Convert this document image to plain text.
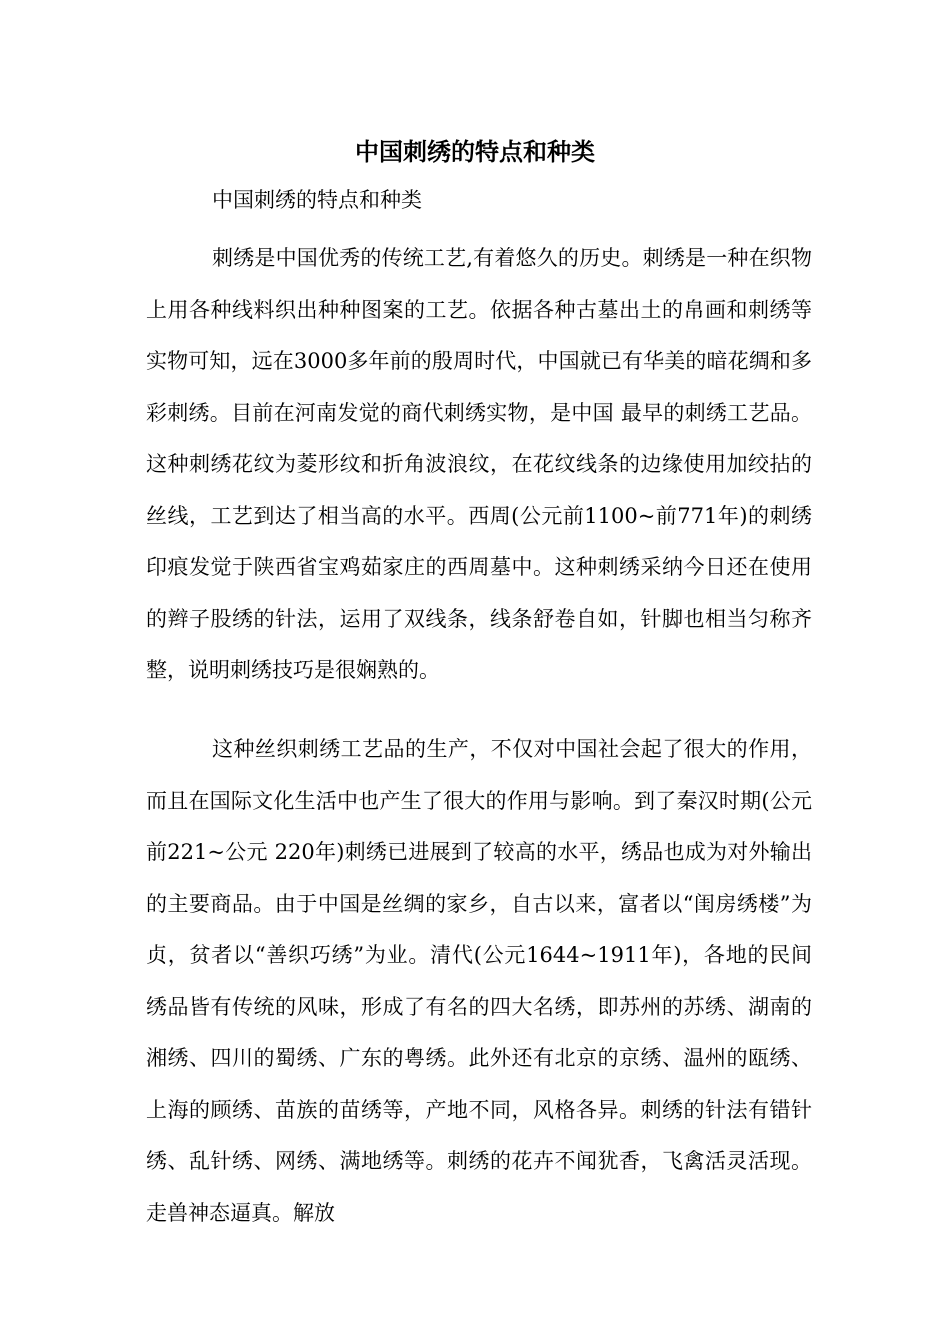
中国刺绣的特点和种类
中国刺绣的特点和种类

刺绣是中国优秀的传统工艺,有着悠久的历史。刺绣是一种在织物上用各种线料织出种种图案的工艺。依据各种古墓出土的帛画和刺绣等实物可知，远在3000多年前的殷周时代，中国就已有华美的暗花绸和多彩刺绣。目前在河南发觉的商代刺绣实物，是中国 最早的刺绣工艺品。这种刺绣花纹为菱形纹和折角波浪纹，在花纹线条的边缘使用加绞拈的丝线，工艺到达了相当高的水平。西周(公元前1100~前771年)的刺绣印痕发觉于陕西省宝鸡茹家庄的西周墓中。这种刺绣采纳今日还在使用的辫子股绣的针法，运用了双线条，线条舒卷自如，针脚也相当匀称齐整，说明刺绣技巧是很娴熟的。

这种丝织刺绣工艺品的生产，不仅对中国社会起了很大的作用，而且在国际文化生活中也产生了很大的作用与影响。到了秦汉时期(公元前221~公元 220年)刺绣已进展到了较高的水平，绣品也成为对外输出的主要商品。由于中国是丝绸的家乡，自古以来，富者以“闺房绣楼”为贞，贫者以“善织巧绣”为业。清代(公元1644~1911年)，各地的民间绣品皆有传统的风味，形成了有名的四大名绣，即苏州的苏绣、湖南的湘绣、四川的蜀绣、广东的粤绣。此外还有北京的京绣、温州的瓯绣、上海的顾绣、苗族的苗绣等，产地不同，风格各异。刺绣的针法有错针绣、乱针绣、网绣、满地绣等。刺绣的花卉不闻犹香，飞禽活灵活现。走兽神态逼真。解放
